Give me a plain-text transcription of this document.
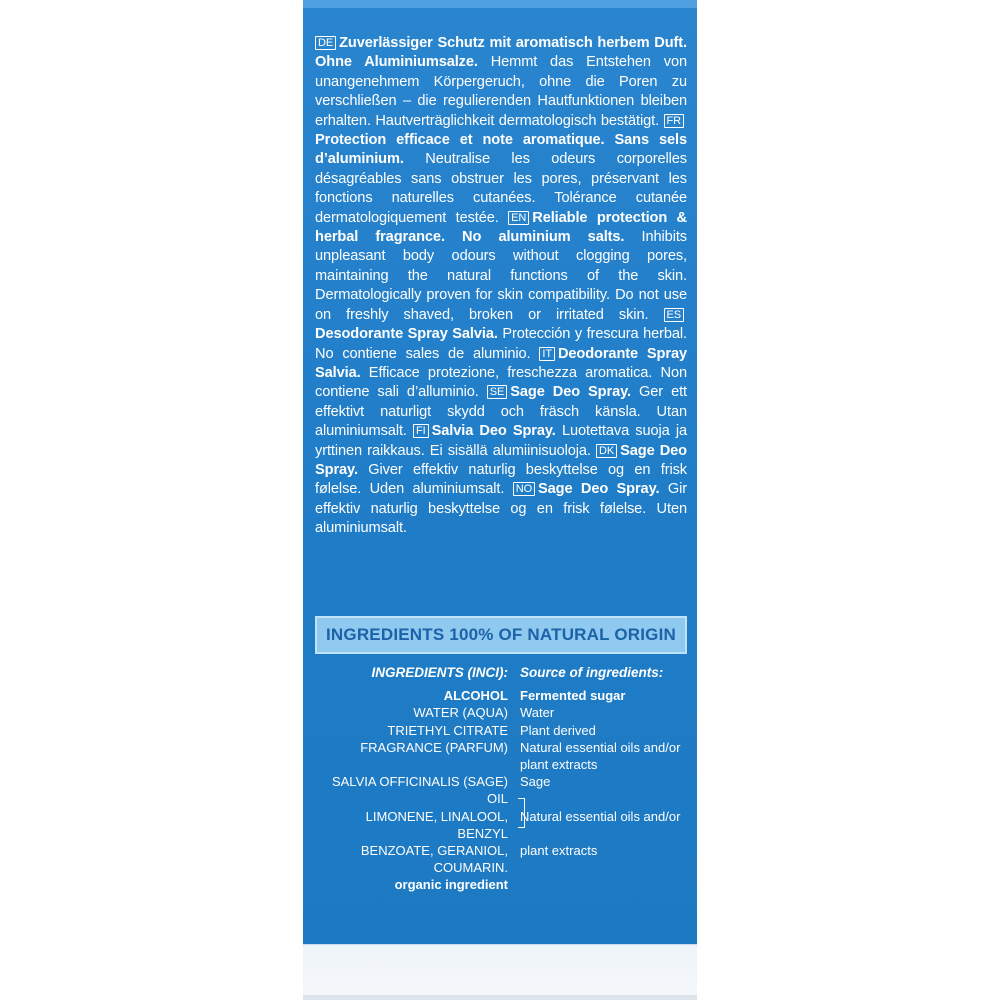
DE Zuverlässiger Schutz mit aromatisch herbem Duft. Ohne Aluminiumsalze. Hemmt das Entstehen von unangenehmem Körpergeruch, ohne die Poren zu verschließen – die regulierenden Hautfunktionen bleiben erhalten. Hautverträglichkeit dermatologisch bestätigt. FRProtection efficace et note aromatique. Sans sels d’aluminium. Neutralise les odeurs corporelles désagréables sans obstruer les pores, préservant les fonctions naturelles cutanées. Tolérance cutanée dermatologiquement testée. EN Reliable protection & herbal fragrance. No aluminium salts. Inhibits unpleasant body odours without clogging pores, maintaining the natural functions of the skin. Dermatologically proven for skin compatibility. Do not use on freshly shaved, broken or irritated skin. ESDesodorante Spray Salvia. Protección y frescura herbal. No contiene sales de aluminio. IT Deodorante Spray Salvia. Efficace protezione, freschezza aromatica. Non contiene sali d’alluminio. SE Sage Deo Spray. Ger ett effektivt naturligt skydd och fräsch känsla. Utan aluminiumsalt. FI Salvia Deo Spray. Luotettava suoja ja yrttinen raikkaus. Ei sisällä alumiinisuoloja. DK Sage Deo Spray. Giver effektiv naturlig beskyttelse og en frisk følelse. Uden aluminiumsalt. NO Sage Deo Spray. Gir effektiv naturlig beskyttelse og en frisk følelse. Uten aluminiumsalt.
INGREDIENTS 100% OF NATURAL ORIGIN
INGREDIENTS (INCI): Source of ingredients:
ALCOHOL Fermented sugar
WATER (AQUA) Water
TRIETHYL CITRATE Plant derived
FRAGRANCE (PARFUM) Natural essential oils and/or
plant extracts
SALVIA OFFICINALIS (SAGE) OIL
Sage
LIMONENE, LINALOOL, BENZYL
Natural essential oils and/or
BENZOATE, GERANIOL, COUMARIN.
plant extracts
organic ingredient
